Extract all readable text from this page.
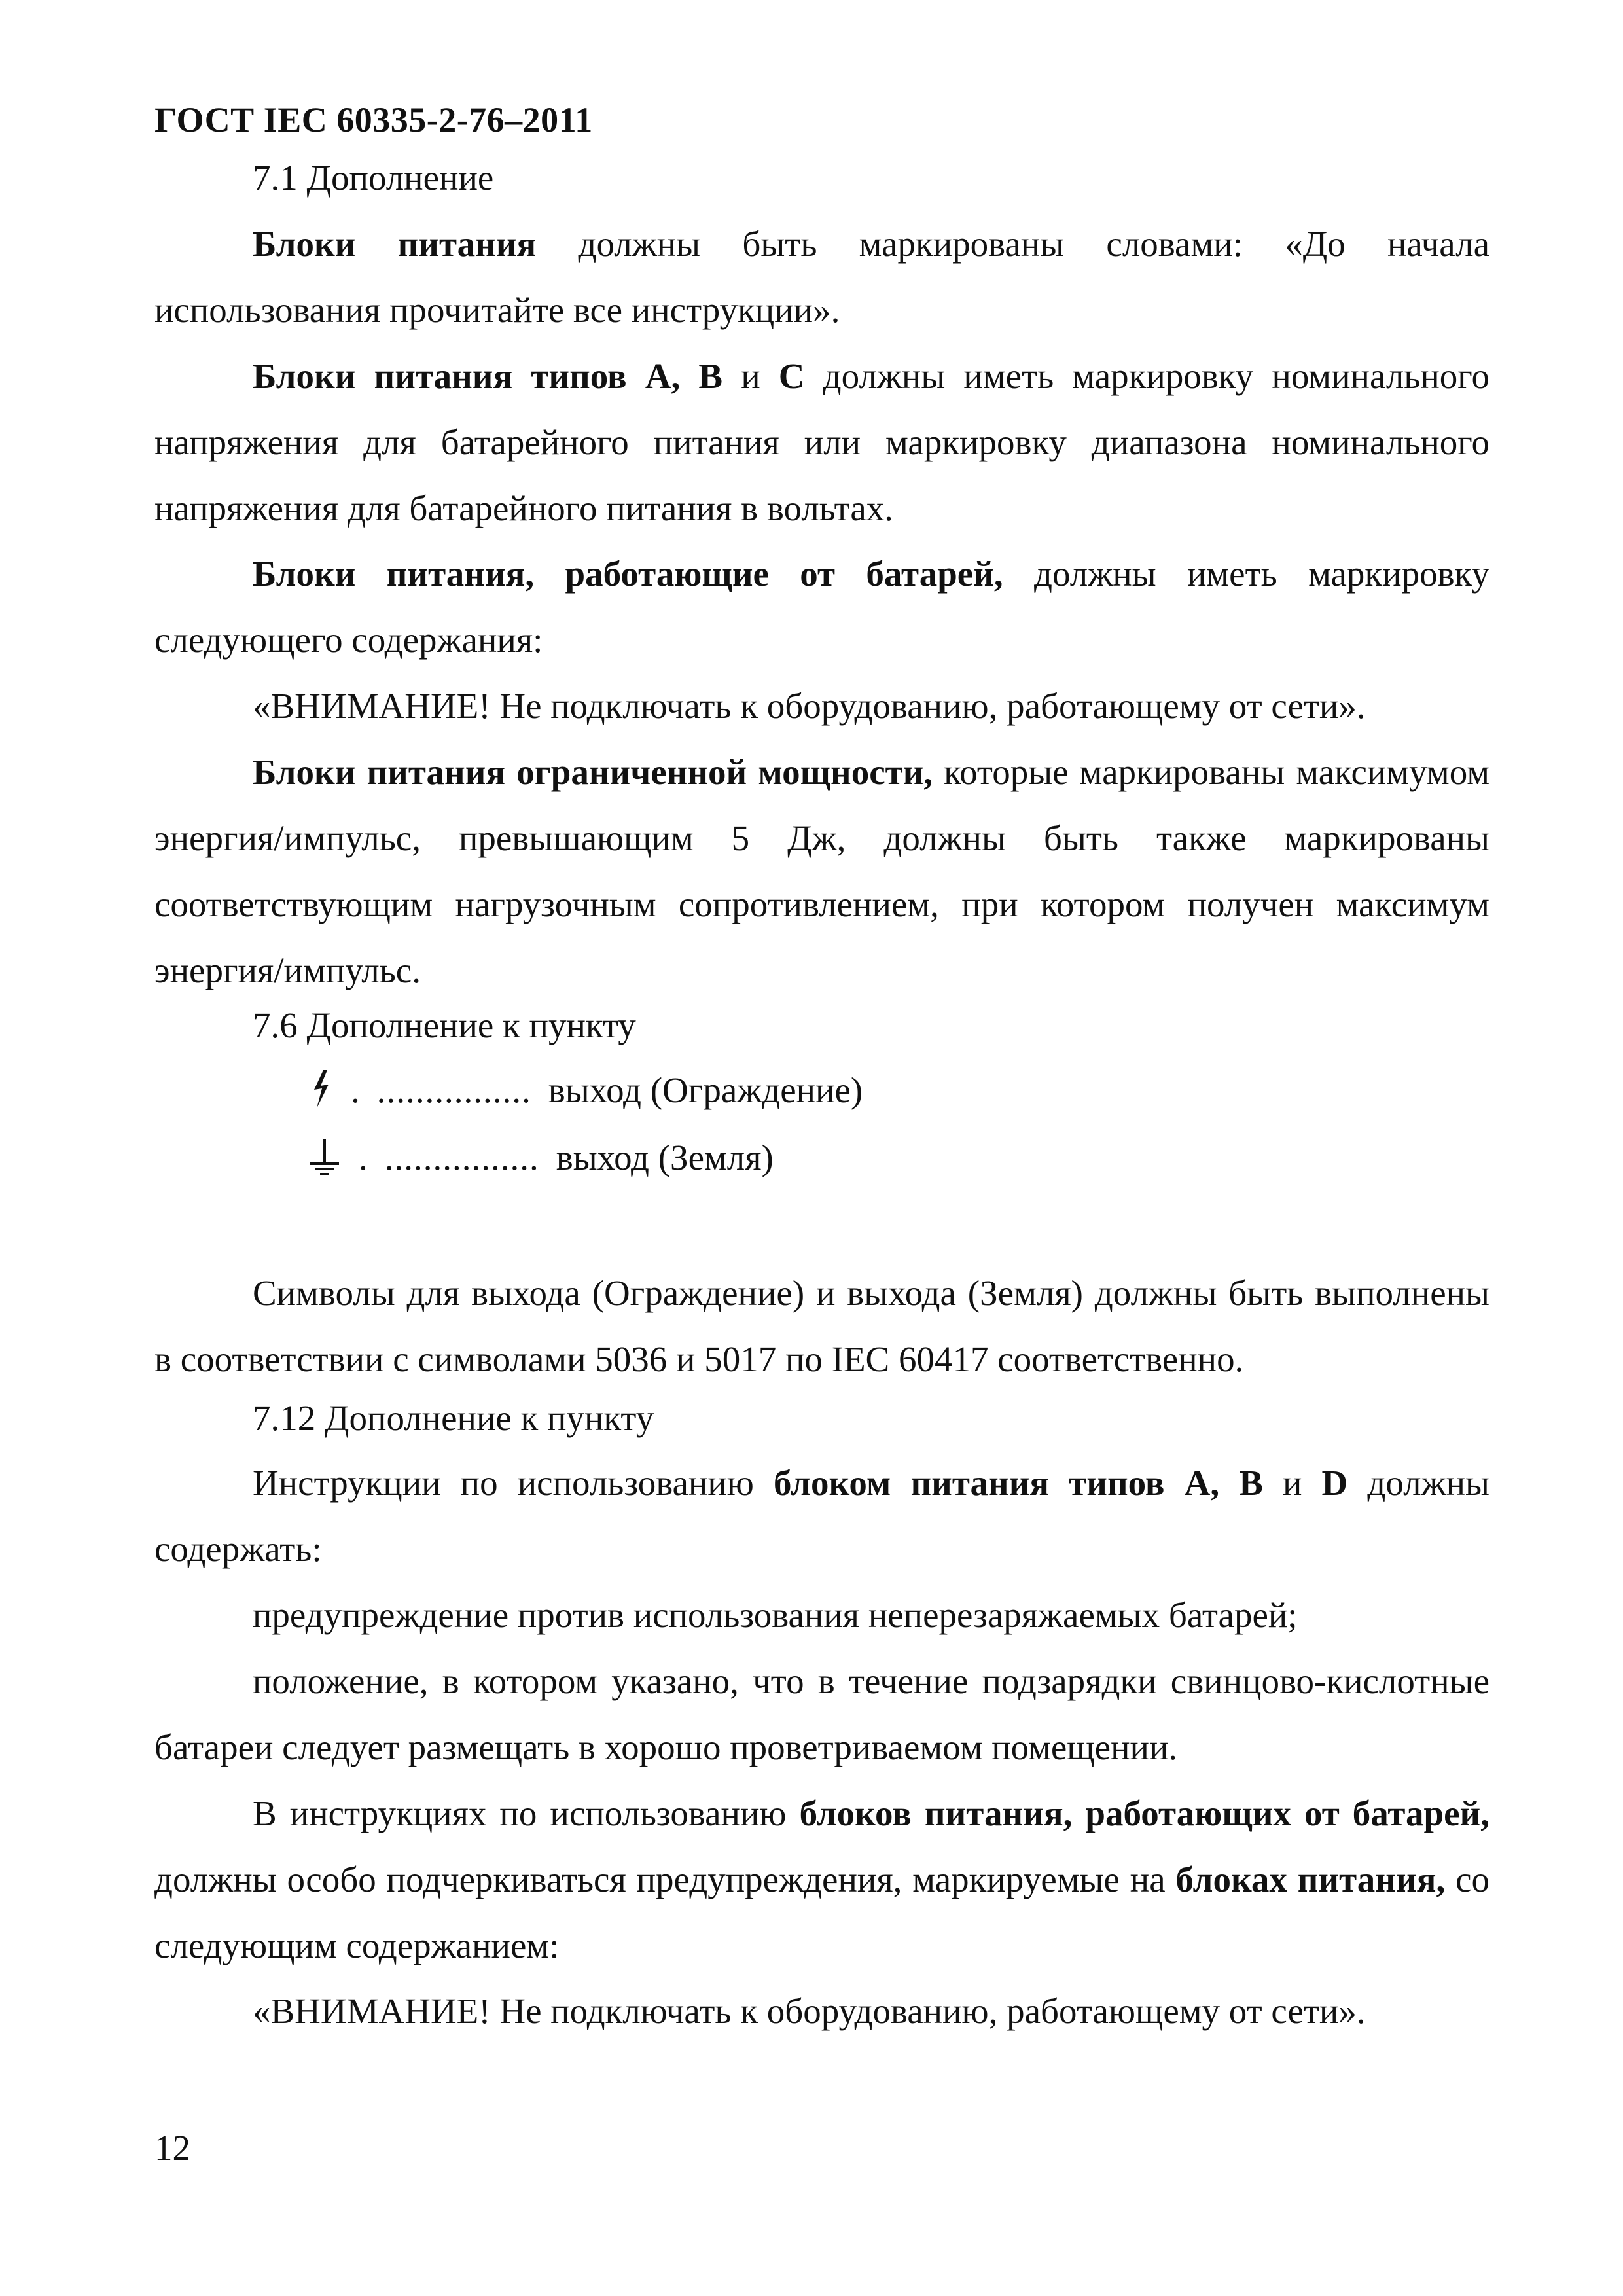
ГОСТ IEC 60335-2-76–2011
7.1 Дополнение
Блоки питания должны быть маркированы словами: «До начала использования прочитайте все инструкции».
Блоки питания типов А, В и С должны иметь маркировку номинального напряжения для батарейного питания или маркировку диапазона номинального напряжения для батарейного питания в вольтах.
Блоки питания, работающие от батарей, должны иметь маркировку следующего содержания:
«ВНИМАНИЕ! Не подключать к оборудованию, работающему от сети».
Блоки питания ограниченной мощности, которые маркированы максимумом энергия/импульс, превышающим 5 Дж, должны быть также маркированы соответствующим нагрузочным сопротивлением, при котором получен максимум энергия/импульс.
7.6 Дополнение к пункту
. ................ выход (Ограждение)
. ................ выход (Земля)
Символы для выхода (Ограждение) и выхода (Земля) должны быть выполнены в соответствии с символами 5036 и 5017 по IEC 60417 соответственно.
7.12 Дополнение к пункту
Инструкции по использованию блоком питания типов А, В и D должны содержать:
предупреждение против использования неперезаряжаемых батарей;
положение, в котором указано, что в течение подзарядки свинцово-кислотные батареи следует размещать в хорошо проветриваемом помещении.
В инструкциях по использованию блоков питания, работающих от батарей, должны особо подчеркиваться предупреждения, маркируемые на блоках питания, со следующим содержанием:
«ВНИМАНИЕ! Не подключать к оборудованию, работающему от сети».
12
